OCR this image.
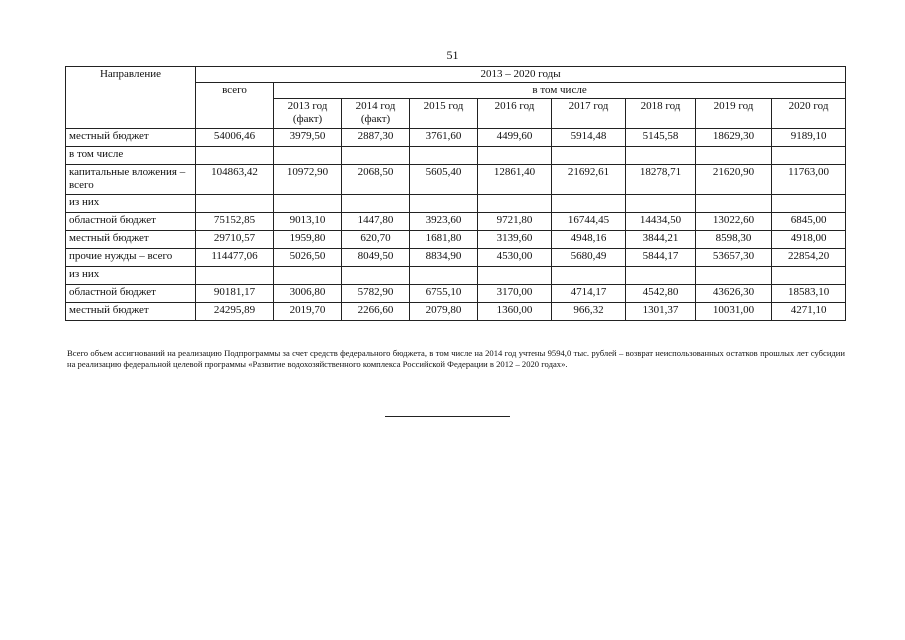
51
Направление	2013 – 2020 годы								
	всего	в том числе							
		2013 год (факт)	2014 год (факт)	2015 год	2016 год	2017 год	2018 год	2019 год	2020 год
местный бюджет	54006,46	3979,50	2887,30	3761,60	4499,60	5914,48	5145,58	18629,30	9189,10
в том числе									
капитальные вложения – всего	104863,42	10972,90	2068,50	5605,40	12861,40	21692,61	18278,71	21620,90	11763,00
из них									
областной бюджет	75152,85	9013,10	1447,80	3923,60	9721,80	16744,45	14434,50	13022,60	6845,00
местный бюджет	29710,57	1959,80	620,70	1681,80	3139,60	4948,16	3844,21	8598,30	4918,00
прочие нужды – всего	114477,06	5026,50	8049,50	8834,90	4530,00	5680,49	5844,17	53657,30	22854,20
из них									
областной бюджет	90181,17	3006,80	5782,90	6755,10	3170,00	4714,17	4542,80	43626,30	18583,10
местный бюджет	24295,89	2019,70	2266,60	2079,80	1360,00	966,32	1301,37	10031,00	4271,10
Всего объем ассигнований на реализацию Подпрограммы за счет средств федерального бюджета, в том числе на 2014 год учтены 9594,0 тыс. рублей – возврат неиспользованных остатков прошлых лет субсидии на реализацию федеральной целевой программы «Развитие водохозяйственного комплекса Российской Федерации в 2012 – 2020 годах».
